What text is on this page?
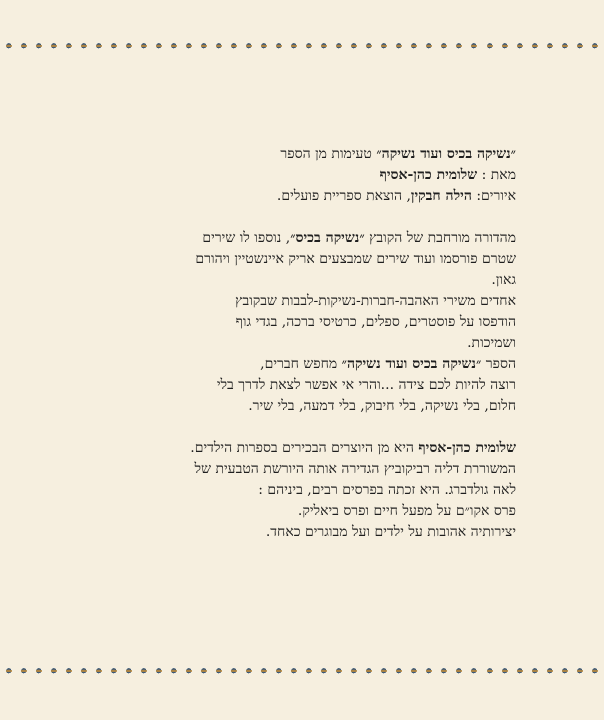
״נשיקה בכיס ועוד נשיקה״ טעימות מן הספר
מאת : שלומית כהן-אסיף
איורים: הילה חבקין, הוצאת ספריית פועלים.
מהדורה מורחבת של הקובץ ״נשיקה בכיס״, נוספו לו שירים
שטרם פורסמו ועוד שירים שמבצעים אריק איינשטיין ויהורם
גאון.
אחדים משירי האהבה-חברות-נשיקות-לבבות שבקובץ
הודפסו על פוסטרים, ספלים, כרטיסי ברכה, בגדי גוף
ושמיכות.
הספר ״נשיקה בכיס ועוד נשיקה״ מחפש חברים,
רוצה להיות לכם צידה ...והרי אי אפשר לצאת לדרך בלי
חלום, בלי נשיקה, בלי חיבוק, בלי דמעה, בלי שיר.
שלומית כהן-אסיף היא מן היוצרים הבכירים בספרות הילדים.
המשוררת דליה רביקוביץ הגדירה אותה היורשת הטבעית של
לאה גולדברג. היא זכתה בפרסים רבים, ביניהם :
פרס אקו״ם על מפעל חיים ופרס ביאליק.
יצירותיה אהובות על ילדים ועל מבוגרים כאחד.
